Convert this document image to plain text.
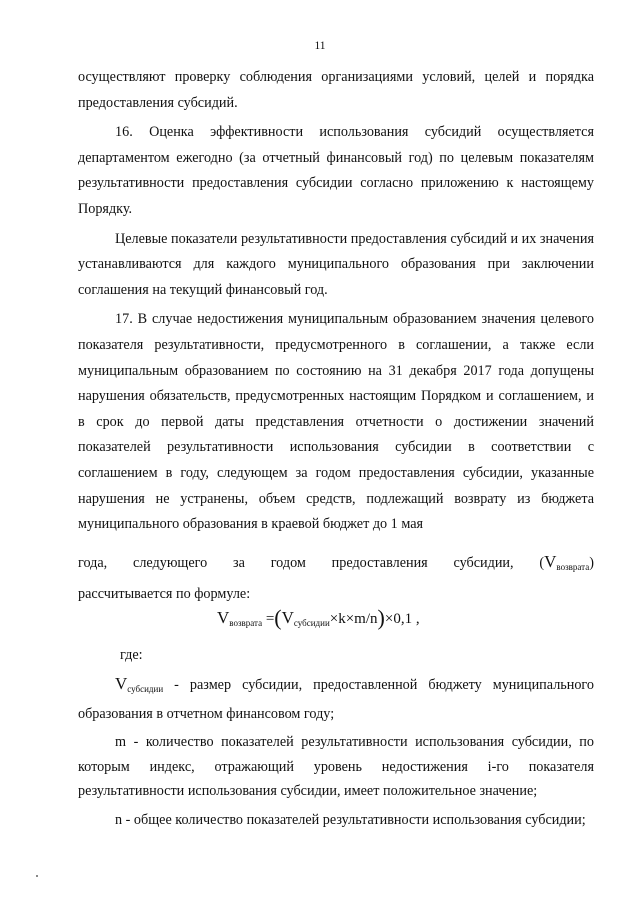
11

осуществляют проверку соблюдения организациями условий, целей и порядка предоставления субсидий.

16. Оценка эффективности использования субсидий осуществляется департаментом ежегодно (за отчетный финансовый год) по целевым показателям результативности предоставления субсидии согласно приложению к настоящему Порядку.

Целевые показатели результативности предоставления субсидий и их значения устанавливаются для каждого муниципального образования при заключении соглашения на текущий финансовый год.

17. В случае недостижения муниципальным образованием значения целевого показателя результативности, предусмотренного в соглашении, а также если муниципальным образованием по состоянию на 31 декабря 2017 года допущены нарушения обязательств, предусмотренных настоящим Порядком и соглашением, и в срок до первой даты представления отчетности о достижении значений показателей результативности использования субсидии в соответствии с соглашением в году, следующем за годом предоставления субсидии, указанные нарушения не устранены, объем средств, подлежащий возврату из бюджета муниципального образования в краевой бюджет до 1 мая

года, следующего за годом предоставления субсидии, $(V_{возврата})$

рассчитывается по формуле:

$V_{возврата} =(V_{субсидии}\times k\times m/n)\times 0,1$ ,
где:

$V_{субсидии}$ - размер субсидии, предоставленной бюджету муниципального образования в отчетном финансовом году;

m - количество показателей результативности использования субсидии, по которым индекс, отражающий уровень недостижения i-го показателя результативности использования субсидии, имеет положительное значение;

n - общее количество показателей результативности использования субсидии;
